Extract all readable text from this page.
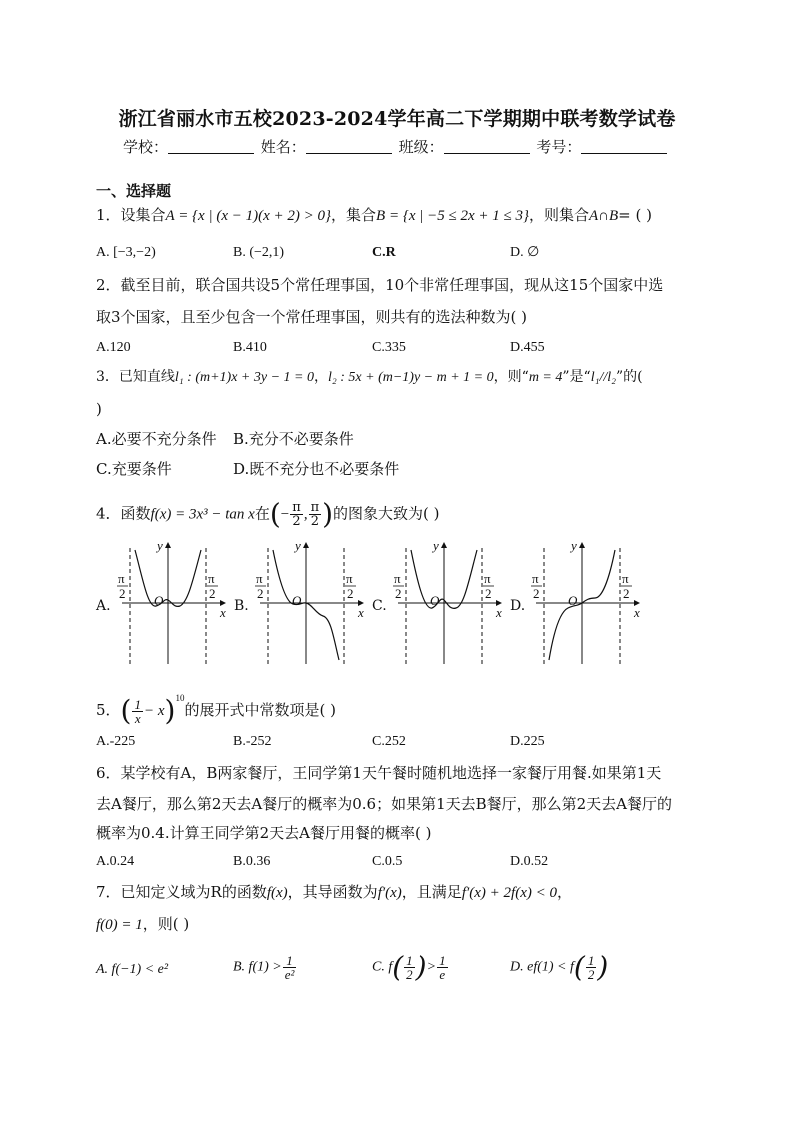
浙江省丽水市五校2023-2024学年高二下学期期中联考数学试卷
学校：	姓名：	班级：	考号：
一、选择题
1．设集合A = {x | (x − 1)(x + 2) > 0}，集合B = {x | −5 ≤ 2x + 1 ≤ 3}，则集合A∩B= ( )
A. [−3,−2)	B. (−2,1)	C.R	D. ∅
2．截至目前，联合国共设5个常任理事国，10个非常任理事国，现从这15个国家中选
取3个国家，且至少包含一个常任理事国，则共有的选法种数为( )
A.120	B.410	C.335	D.455
3．已知直线l₁ : (m+1)x + 3y − 1 = 0，l₂ : 5x + (m−1)y − m + 1 = 0，则“m = 4”是“l₁//l₂”的(
)
A.必要不充分条件 B.充分不必要条件
C.充要条件	D.既不充分也不必要条件
4．函数f(x) = 3x³ − tan x在(− $\frac{\pi}{2}$ , $\frac{\pi}{2}$ )的图象大致为( )
A.	B.	C.	D.
π
2
π
2
y
x
O
π
2
π
2
y
x
O
π
2
π
2
y
x
O
π
2
π
2
y
x
O
5．( $\frac{1}{x} - x)^{10}$的展开式中常数项是( )
A.-225	B.-252	C.252	D.225
6．某学校有A，B两家餐厅，王同学第1天午餐时随机地选择一家餐厅用餐.如果第1天
去A餐厅，那么第2天去A餐厅的概率为0.6；如果第1天去B餐厅，那么第2天去A餐厅的
概率为0.4.计算王同学第2天去A餐厅用餐的概率( )
A.0.24	B.0.36	C.0.5	D.0.52
7．已知定义域为R的函数f(x)，其导函数为f′(x)，且满足f′(x) + 2f(x) < 0，
f(0) = 1，则( )
A. f(−1) < e²	B. $f(1) > \frac{1}{\text{e²}}$	C. $f( \frac{1}{2}$ )> $\frac{1}{e}$	D. $ef(1) < f( \frac{1}{2}$ )
